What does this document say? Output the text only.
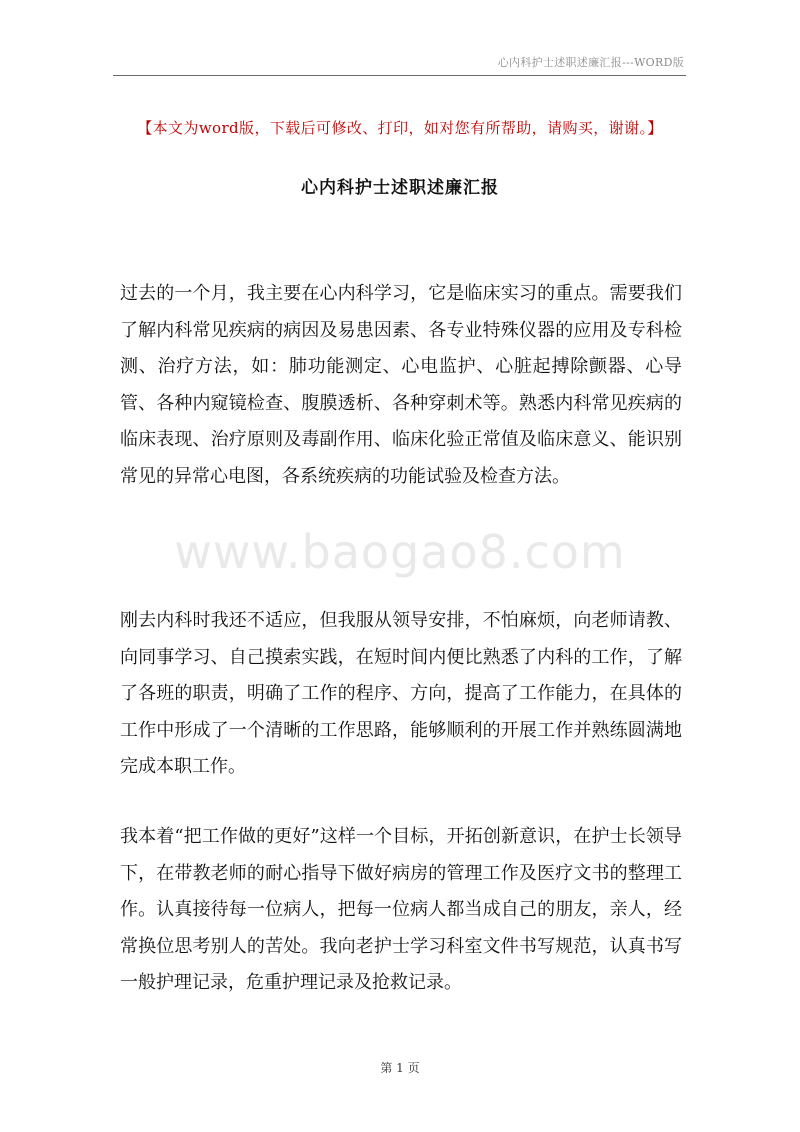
心内科护士述职述廉汇报---WORD版
【本文为word版，下载后可修改、打印，如对您有所帮助，请购买，谢谢。】
心内科护士述职述廉汇报
www.baogao8.com

过去的一个月，我主要在心内科学习，它是临床实习的重点。需要我们了解内科常见疾病的病因及易患因素、各专业特殊仪器的应用及专科检测、治疗方法，如：肺功能测定、心电监护、心脏起搏除颤器、心导管、各种内窥镜检查、腹膜透析、各种穿刺术等。熟悉内科常见疾病的临床表现、治疗原则及毒副作用、临床化验正常值及临床意义、能识别常见的异常心电图，各系统疾病的功能试验及检查方法。

刚去内科时我还不适应，但我服从领导安排，不怕麻烦，向老师请教、向同事学习、自己摸索实践，在短时间内便比熟悉了内科的工作，了解了各班的职责，明确了工作的程序、方向，提高了工作能力，在具体的工作中形成了一个清晰的工作思路，能够顺利的开展工作并熟练圆满地完成本职工作。

我本着“把工作做的更好”这样一个目标，开拓创新意识，在护士长领导下，在带教老师的耐心指导下做好病房的管理工作及医疗文书的整理工作。认真接待每一位病人，把每一位病人都当成自己的朋友，亲人，经常换位思考别人的苦处。我向老护士学习科室文件书写规范，认真书写一般护理记录，危重护理记录及抢救记录。

第 1 页
